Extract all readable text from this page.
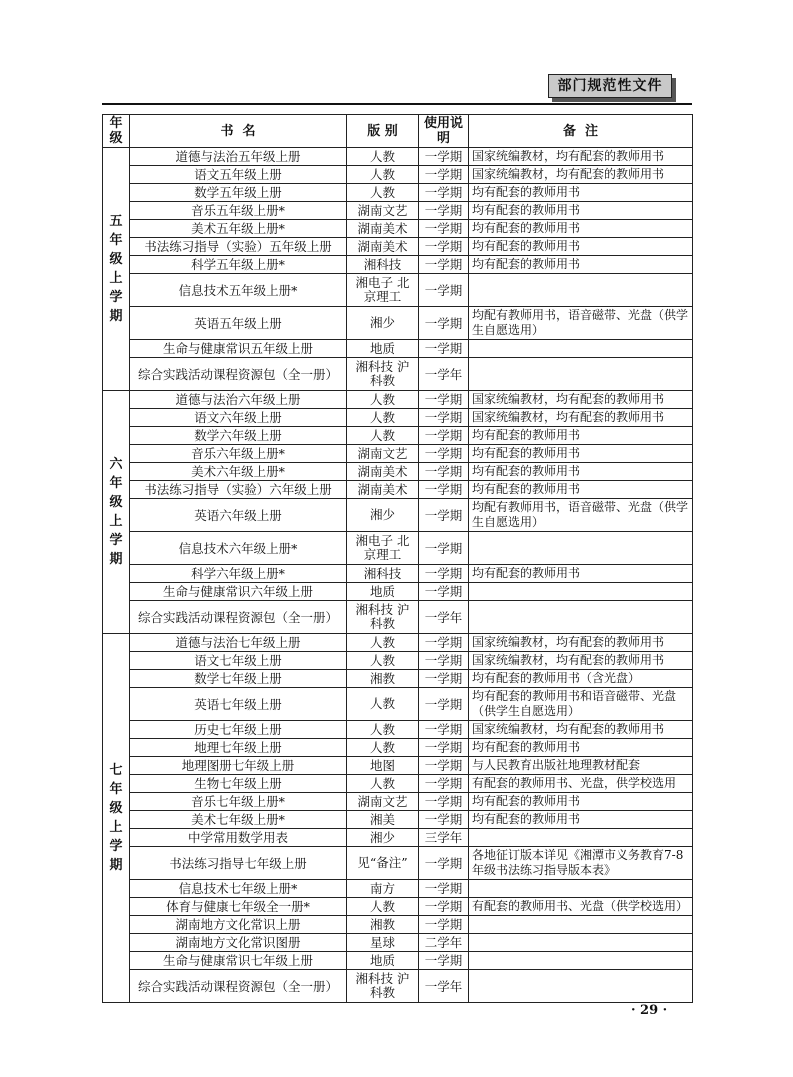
部门规范性文件
年级	书  名	版 别	使用说明	备  注
五年级上学期	道德与法治五年级上册	人教	一学期	国家统编教材，均有配套的教师用书
	语文五年级上册	人教	一学期	国家统编教材，均有配套的教师用书
	数学五年级上册	人教	一学期	均有配套的教师用书
	音乐五年级上册*	湖南文艺	一学期	均有配套的教师用书
	美术五年级上册*	湖南美术	一学期	均有配套的教师用书
	书法练习指导（实验）五年级上册	湖南美术	一学期	均有配套的教师用书
	科学五年级上册*	湘科技	一学期	均有配套的教师用书
	信息技术五年级上册*	湘电子 北京理工	一学期	
	英语五年级上册	湘少	一学期	均配有教师用书，语音磁带、光盘（供学生自愿选用）
	生命与健康常识五年级上册	地质	一学期	
	综合实践活动课程资源包（全一册）	湘科技 沪科教	一学年	
六年级上学期	道德与法治六年级上册	人教	一学期	国家统编教材，均有配套的教师用书
	语文六年级上册	人教	一学期	国家统编教材，均有配套的教师用书
	数学六年级上册	人教	一学期	均有配套的教师用书
	音乐六年级上册*	湖南文艺	一学期	均有配套的教师用书
	美术六年级上册*	湖南美术	一学期	均有配套的教师用书
	书法练习指导（实验）六年级上册	湖南美术	一学期	均有配套的教师用书
	英语六年级上册	湘少	一学期	均配有教师用书，语音磁带、光盘（供学生自愿选用）
	信息技术六年级上册*	湘电子 北京理工	一学期	
	科学六年级上册*	湘科技	一学期	均有配套的教师用书
	生命与健康常识六年级上册	地质	一学期	
	综合实践活动课程资源包（全一册）	湘科技 沪科教	一学年	
七年级上学期	道德与法治七年级上册	人教	一学期	国家统编教材，均有配套的教师用书
	语文七年级上册	人教	一学期	国家统编教材，均有配套的教师用书
	数学七年级上册	湘教	一学期	均有配套的教师用书（含光盘）
	英语七年级上册	人教	一学期	均有配套的教师用书和语音磁带、光盘（供学生自愿选用）
	历史七年级上册	人教	一学期	国家统编教材，均有配套的教师用书
	地理七年级上册	人教	一学期	均有配套的教师用书
	地理图册七年级上册	地图	一学期	与人民教育出版社地理教材配套
	生物七年级上册	人教	一学期	有配套的教师用书、光盘，供学校选用
	音乐七年级上册*	湖南文艺	一学期	均有配套的教师用书
	美术七年级上册*	湘美	一学期	均有配套的教师用书
	中学常用数学用表	湘少	三学年	
	书法练习指导七年级上册	见“备注”	一学期	各地征订版本详见《湘潭市义务教育7-8年级书法练习指导版本表》
	信息技术七年级上册*	南方	一学期	
	体育与健康七年级全一册*	人教	一学期	有配套的教师用书、光盘（供学校选用）
	湖南地方文化常识上册	湘教	一学期	
	湖南地方文化常识图册	星球	二学年	
	生命与健康常识七年级上册	地质	一学期	
	综合实践活动课程资源包（全一册）	湘科技 沪科教	一学年	
· 29 ·
